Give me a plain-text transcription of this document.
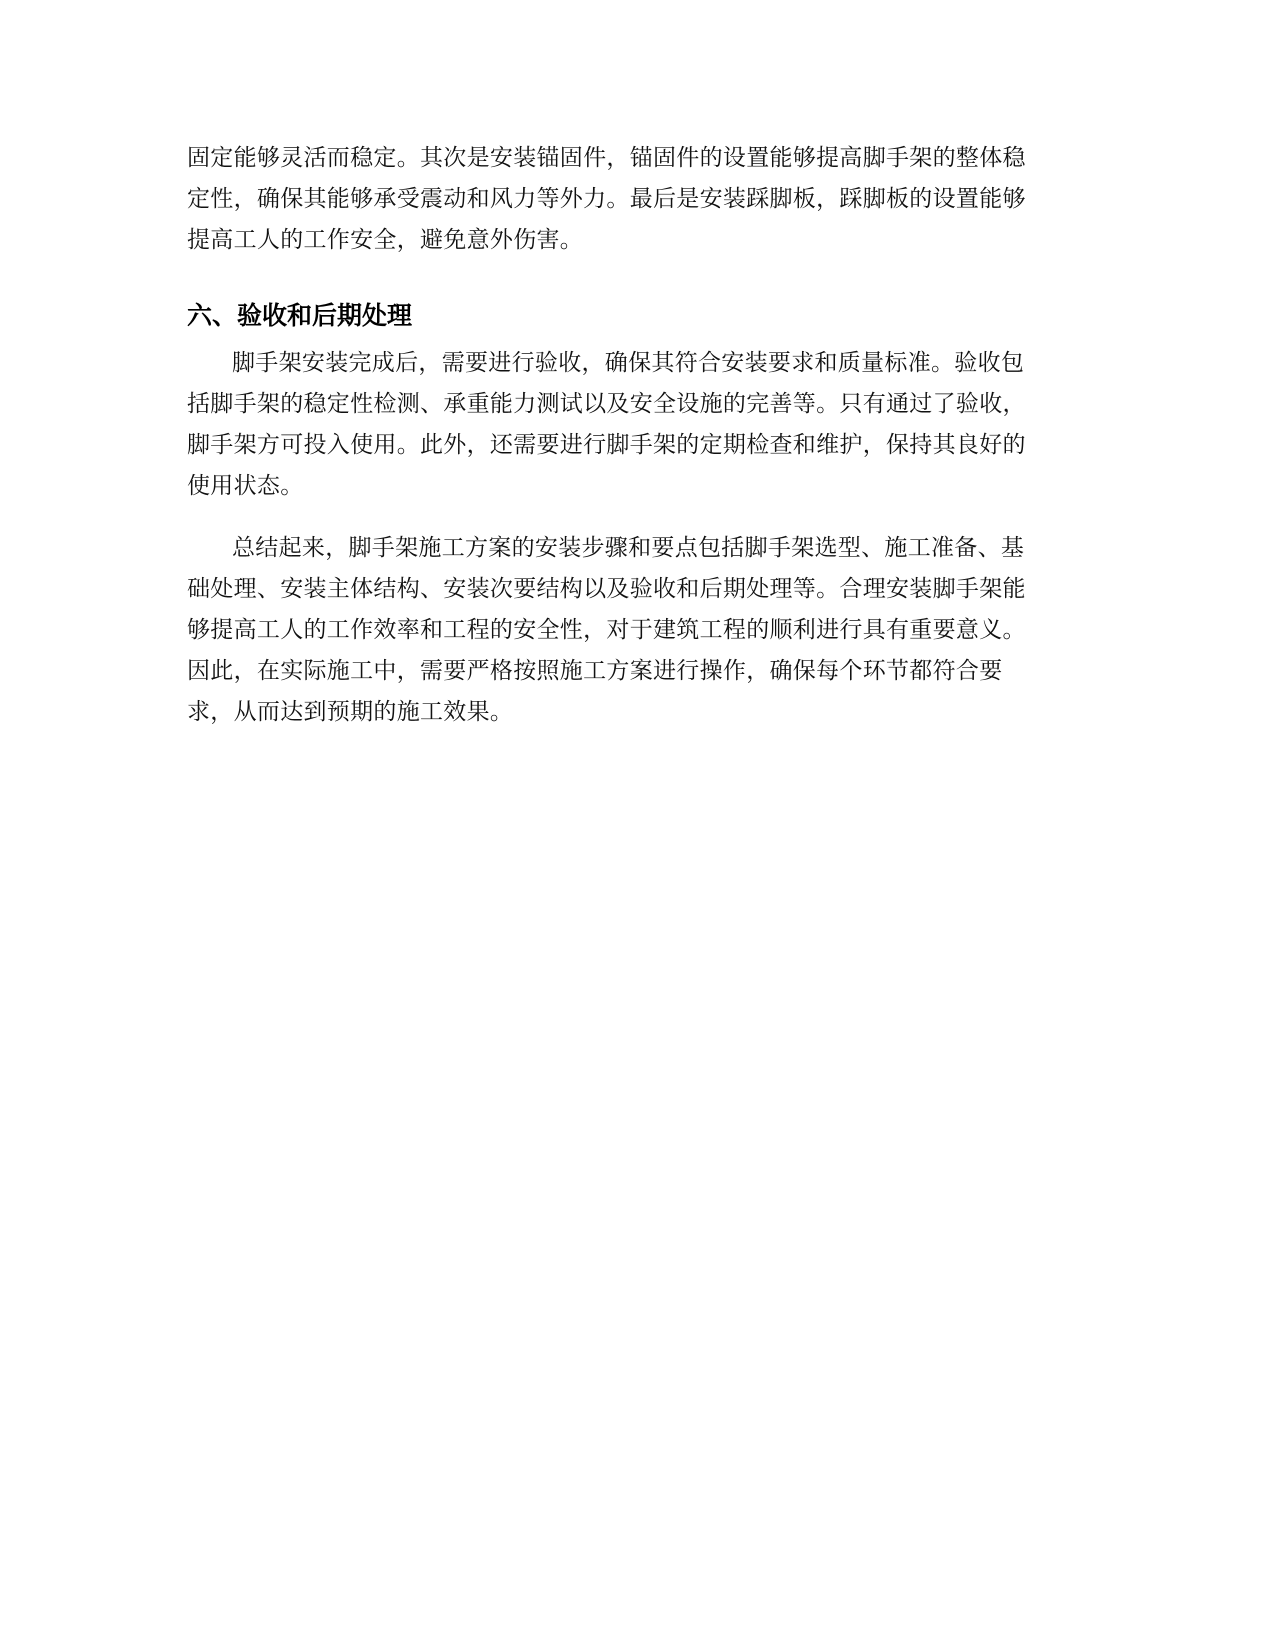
固定能够灵活而稳定。其次是安装锚固件，锚固件的设置能够提高脚手架的整体稳
定性，确保其能够承受震动和风力等外力。最后是安装踩脚板，踩脚板的设置能够
提高工人的工作安全，避免意外伤害。
六、验收和后期处理
脚手架安装完成后，需要进行验收，确保其符合安装要求和质量标准。验收包
括脚手架的稳定性检测、承重能力测试以及安全设施的完善等。只有通过了验收，
脚手架方可投入使用。此外，还需要进行脚手架的定期检查和维护，保持其良好的
使用状态。
总结起来，脚手架施工方案的安装步骤和要点包括脚手架选型、施工准备、基
础处理、安装主体结构、安装次要结构以及验收和后期处理等。合理安装脚手架能
够提高工人的工作效率和工程的安全性，对于建筑工程的顺利进行具有重要意义。
因此，在实际施工中，需要严格按照施工方案进行操作，确保每个环节都符合要
求，从而达到预期的施工效果。
